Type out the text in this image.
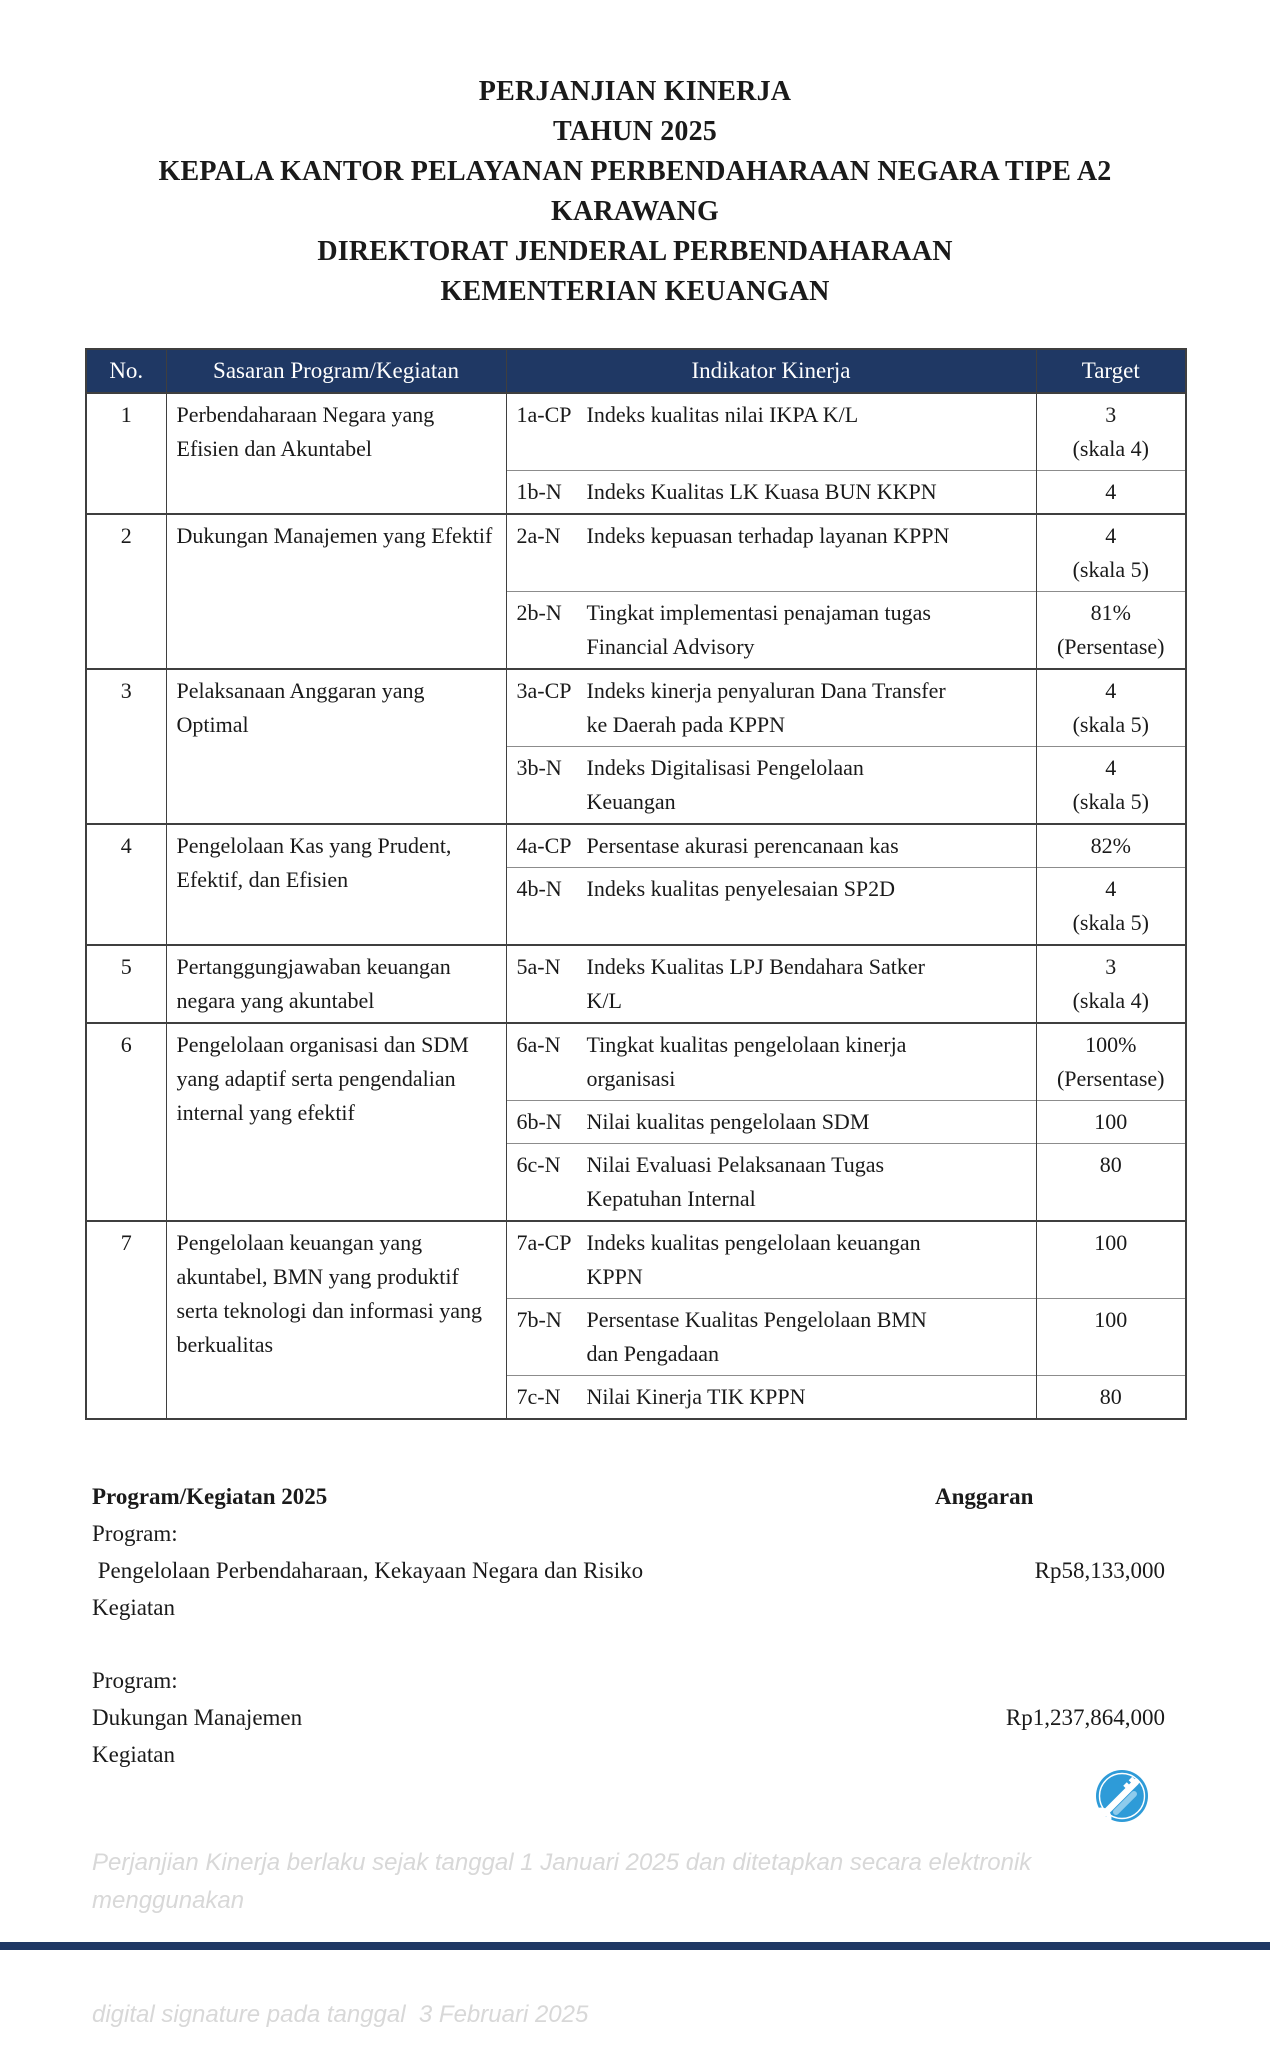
PERJANJIAN KINERJA
TAHUN 2025
KEPALA KANTOR PELAYANAN PERBENDAHARAAN NEGARA TIPE A2
KARAWANG
DIREKTORAT JENDERAL PERBENDAHARAAN
KEMENTERIAN KEUANGAN
No.	Sasaran Program/Kegiatan	Indikator Kinerja	Target
1	Perbendaharaan Negara yang Efisien dan Akuntabel	1a-CP Indeks kualitas nilai IKPA K/L	3
(skala 4)

		1b-N Indeks Kualitas LK Kuasa BUN KKPN	4

2	Dukungan Manajemen yang Efektif	2a-N Indeks kepuasan terhadap layanan KPPN	4
(skala 5)

		2b-N Tingkat implementasi penajaman tugas Financial Advisory	81%
(Persentase)

3	Pelaksanaan Anggaran yang Optimal	3a-CP Indeks kinerja penyaluran Dana Transfer ke Daerah pada KPPN	4
(skala 5)

		3b-N Indeks Digitalisasi Pengelolaan Keuangan	4
(skala 5)

4	Pengelolaan Kas yang Prudent, Efektif, dan Efisien	4a-CP Persentase akurasi perencanaan kas	82%

		4b-N Indeks kualitas penyelesaian SP2D	4
(skala 5)

5	Pertanggungjawaban keuangan negara yang akuntabel	5a-N Indeks Kualitas LPJ Bendahara Satker K/L	3
(skala 4)

6	Pengelolaan organisasi dan SDM yang adaptif serta pengendalian internal yang efektif	6a-N Tingkat kualitas pengelolaan kinerja organisasi	100%
(Persentase)

		6b-N Nilai kualitas pengelolaan SDM	100

		6c-N Nilai Evaluasi Pelaksanaan Tugas Kepatuhan Internal	80

7	Pengelolaan keuangan yang akuntabel, BMN yang produktif serta teknologi dan informasi yang berkualitas	7a-CP Indeks kualitas pengelolaan keuangan KPPN	100

		7b-N Persentase Kualitas Pengelolaan BMN dan Pengadaan	100

		7c-N Nilai Kinerja TIK KPPN	80
Program/Kegiatan 2025	Anggaran
Program:
Pengelolaan Perbendaharaan, Kekayaan Negara dan Risiko	Rp58,133,000
Kegiatan
Program:
Dukungan Manajemen	Rp1,237,864,000
Kegiatan

Perjanjian Kinerja berlaku sejak tanggal 1 Januari 2025 dan ditetapkan secara elektronik menggunakan

digital signature pada tanggal  3 Februari 2025
